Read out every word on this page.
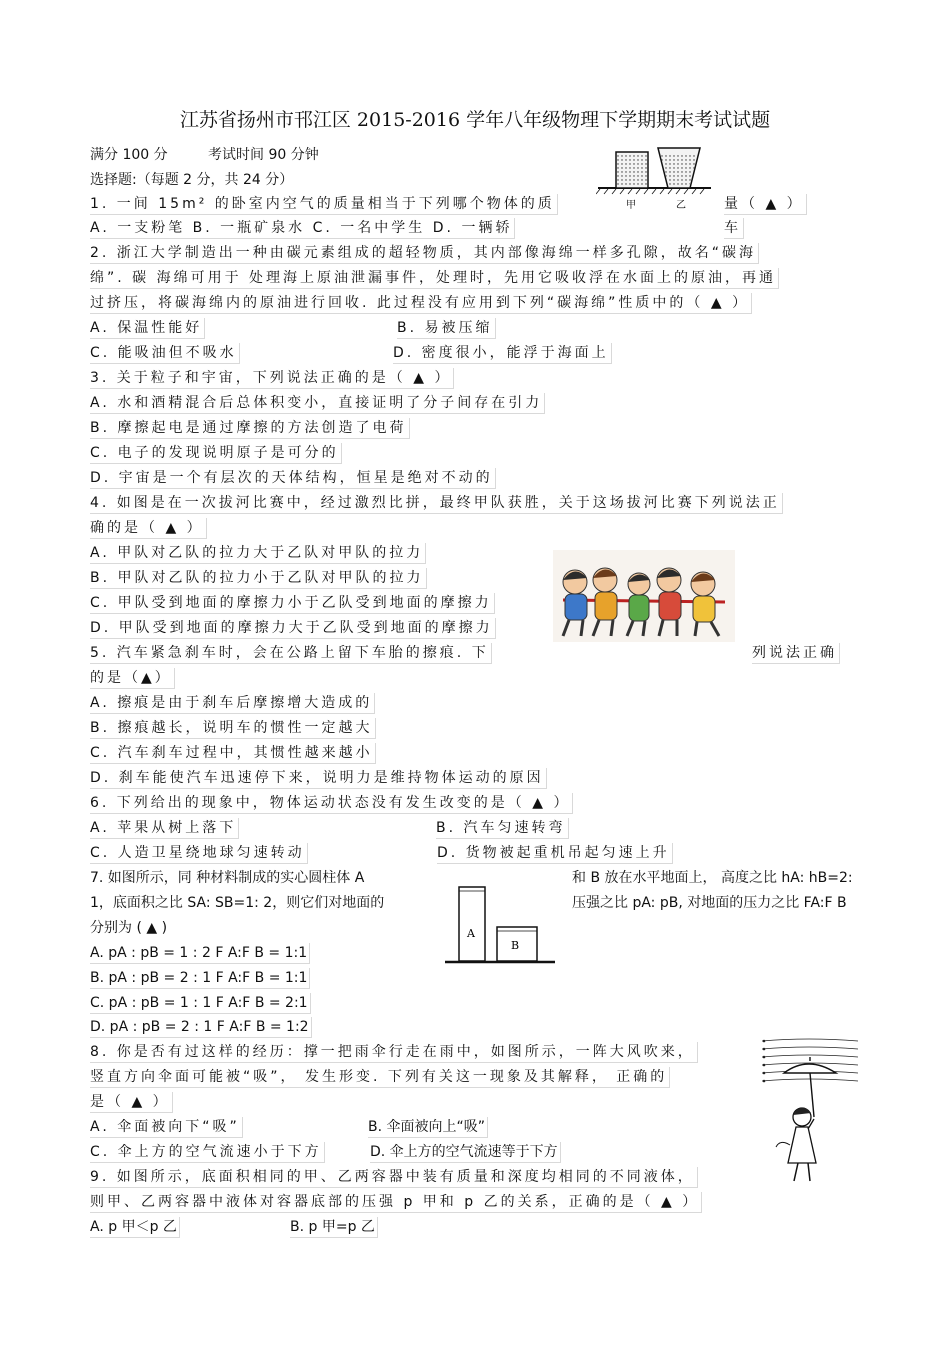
江苏省扬州市邗江区 2015-2016 学年八年级物理下学期期末考试试题
满分 100 分	考试时间 90 分钟
选择题:（每题 2 分，共 24 分）
甲	乙
1. 一间 15m² 的卧室内空气的质量相当于下列哪个物体的质	量（ ▲ ）
A. 一支粉笔 B. 一瓶矿泉水 C. 一名中学生 D. 一辆轿	车
2. 浙江大学制造出一种由碳元素组成的超轻物质，其内部像海绵一样多孔隙，故名“碳海
绵”. 碳 海绵可用于 处理海上原油泄漏事件，处理时，先用它吸收浮在水面上的原油，再通
过挤压，将碳海绵内的原油进行回收. 此过程没有应用到下列“碳海绵”性质中的（ ▲ ）
A. 保温性能好	B. 易被压缩
C. 能吸油但不吸水	D. 密度很小，能浮于海面上
3. 关于粒子和宇宙，下列说法正确的是（ ▲ ）
A. 水和酒精混合后总体积变小，直接证明了分子间存在引力
B. 摩擦起电是通过摩擦的方法创造了电荷
C. 电子的发现说明原子是可分的
D. 宇宙是一个有层次的天体结构，恒星是绝对不动的
4. 如图是在一次拔河比赛中，经过激烈比拼，最终甲队获胜，关于这场拔河比赛下列说法正
确的是（ ▲ ）
A. 甲队对乙队的拉力大于乙队对甲队的拉力
B. 甲队对乙队的拉力小于乙队对甲队的拉力
C. 甲队受到地面的摩擦力小于乙队受到地面的摩擦力
D. 甲队受到地面的摩擦力大于乙队受到地面的摩擦力
5. 汽车紧急刹车时，会在公路上留下车胎的擦痕. 下	列说法正确
的是（▲）
A. 擦痕是由于刹车后摩擦增大造成的
B. 擦痕越长，说明车的惯性一定越大
C. 汽车刹车过程中，其惯性越来越小
D. 刹车能使汽车迅速停下来，说明力是维持物体运动的原因
6. 下列给出的现象中，物体运动状态没有发生改变的是（ ▲ ）
A. 苹果从树上落下	B. 汽车匀速转弯
C. 人造卫星绕地球匀速转动	D. 货物被起重机吊起匀速上升
7. 如图所示，同 种材料制成的实心圆柱体 A	和 B 放在水平地面上， 高度之比 hA: hB=2:
1，底面积之比 SA: SB=1: 2，则它们对地面的	压强之比 pA: pB, 对地面的压力之比 FA:F B
分别为 ( ▲ )
A. pA : pB = 1 : 2 F A:F B = 1:1
B. pA : pB = 2 : 1 F A:F B = 1:1
C. pA : pB = 1 : 1 F A:F B = 2:1
D. pA : pB = 2 : 1 F A:F B = 1:2
A
B
8. 你是否有过这样的经历：撑一把雨伞行走在雨中，如图所示，一阵大风吹来，
竖直方向伞面可能被“吸”， 发生形变. 下列有关这一现象及其解释， 正确的
是（ ▲ ）
A. 伞面被向下“吸”	B. 伞面被向上“吸”
C. 伞上方的空气流速小于下方	D. 伞上方的空气流速等于下方
9. 如图所示，底面积相同的甲、乙两容器中装有质量和深度均相同的不同液体，
则甲、乙两容器中液体对容器底部的压强 p 甲和 p 乙的关系，正确的是（ ▲ ）
A. p 甲＜p 乙	B. p 甲=p 乙
